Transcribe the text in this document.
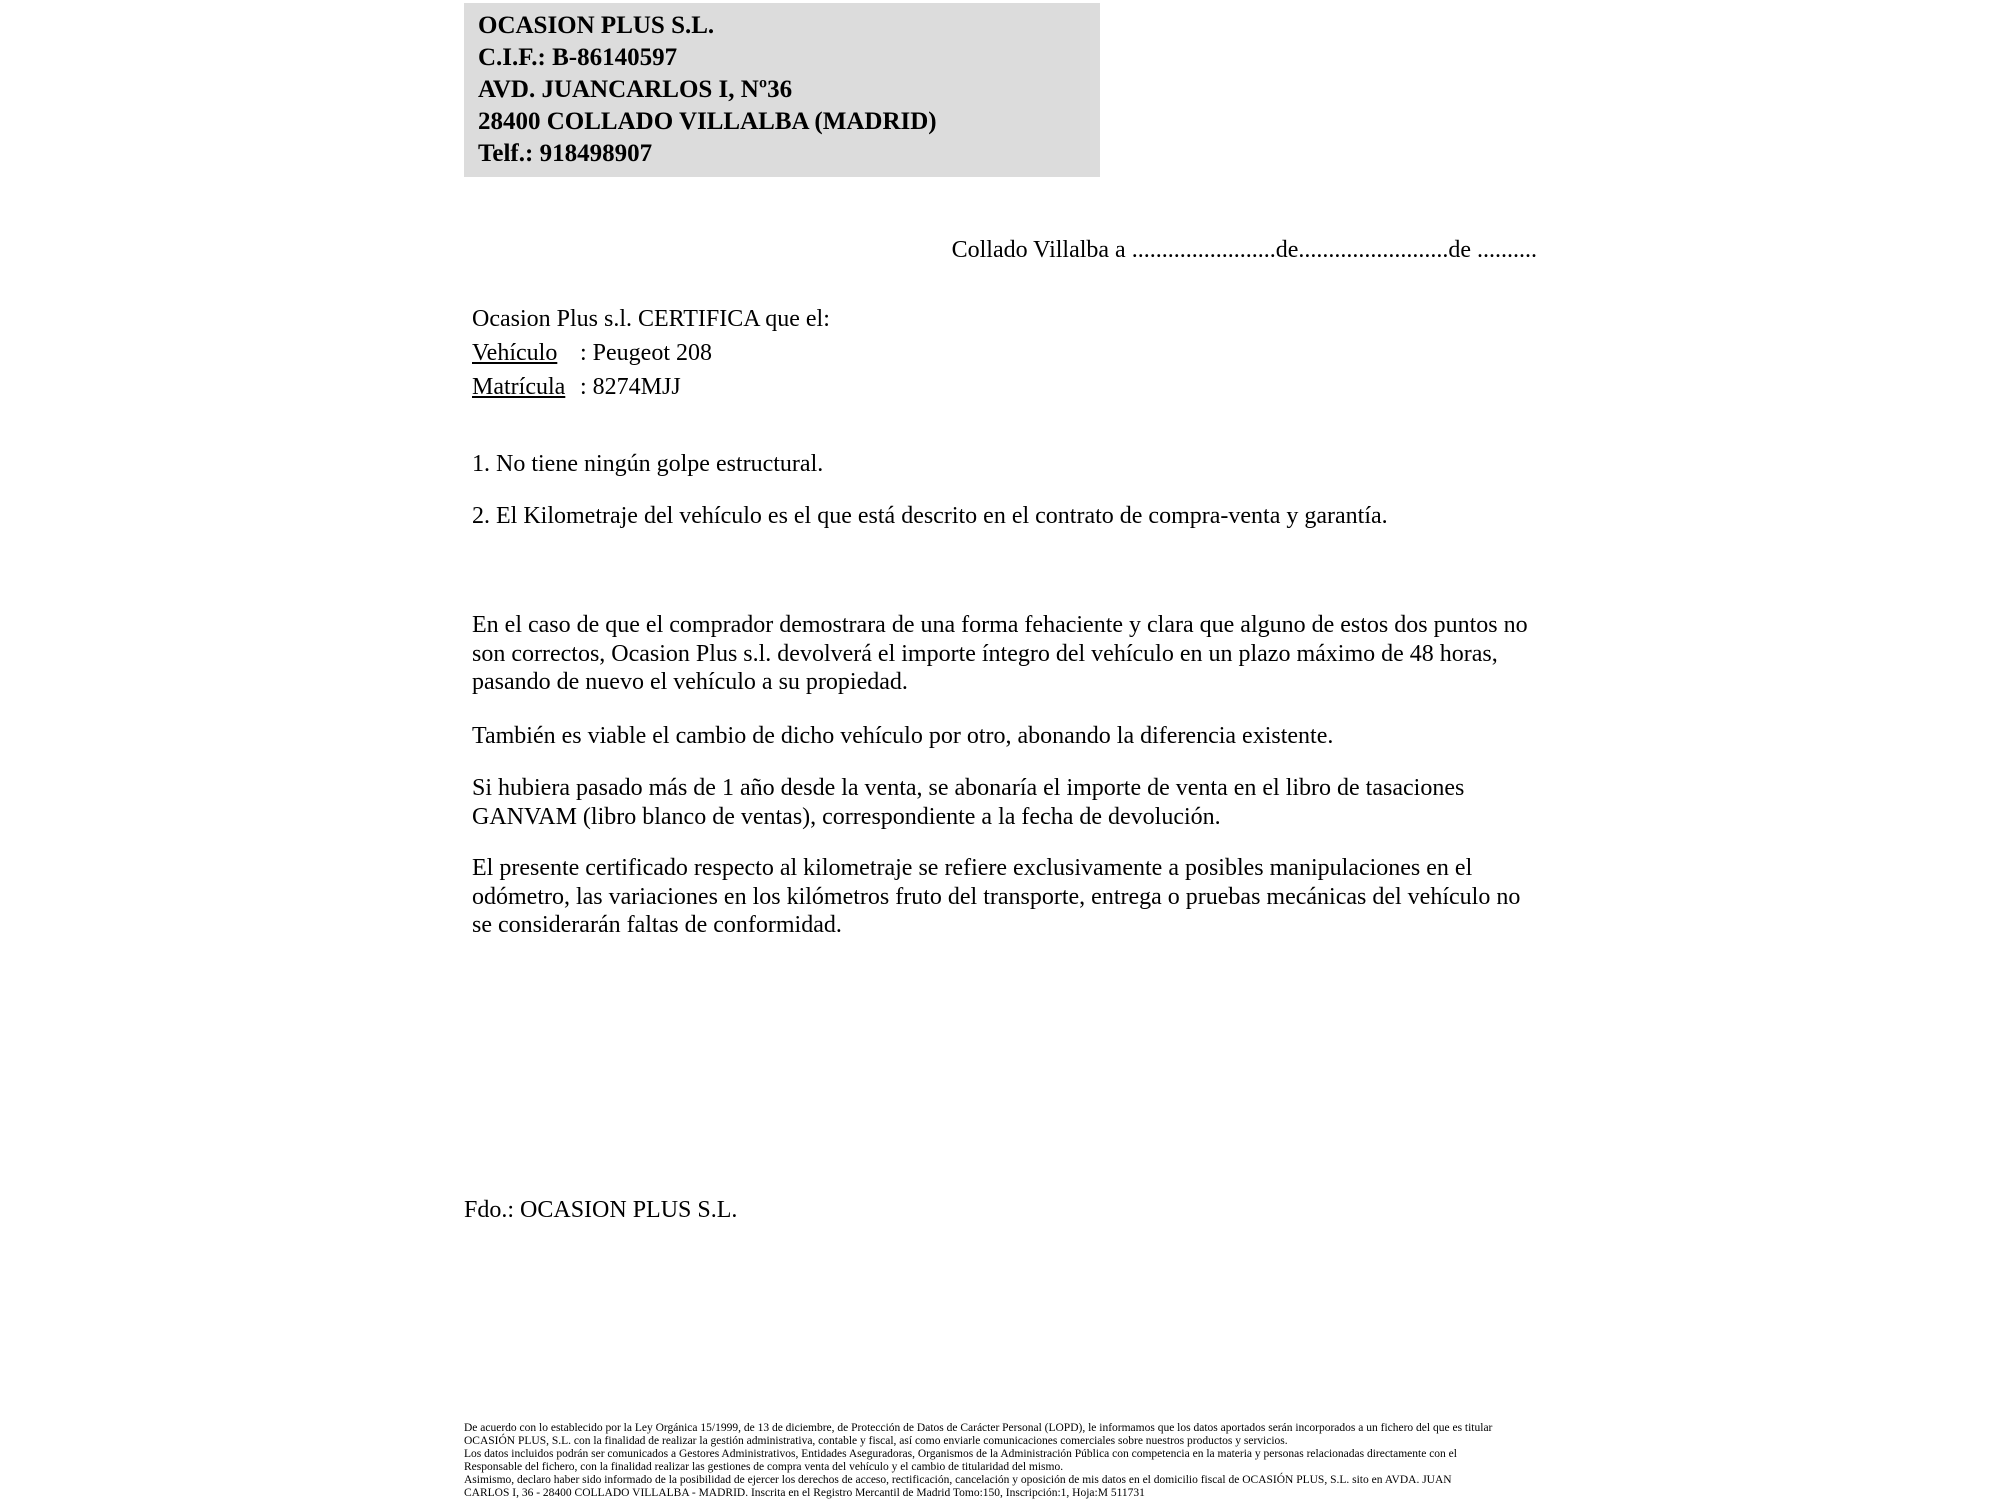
OCASION PLUS S.L.
C.I.F.: B-86140597
AVD. JUANCARLOS I, Nº36
28400 COLLADO VILLALBA (MADRID)
Telf.: 918498907
Collado Villalba a ........................de.........................de ..........
Ocasion Plus s.l. CERTIFICA que el:
Vehículo : Peugeot 208
Matrícula : 8274MJJ
1. No tiene ningún golpe estructural.
2. El Kilometraje del vehículo es el que está descrito en el contrato de compra-venta y garantía.
En el caso de que el comprador demostrara de una forma fehaciente y clara que alguno de estos dos puntos no son correctos, Ocasion Plus s.l. devolverá el importe íntegro del vehículo en un plazo máximo de 48 horas, pasando de nuevo el vehículo a su propiedad.
También es viable el cambio de dicho vehículo por otro, abonando la diferencia existente.
Si hubiera pasado más de 1 año desde la venta, se abonaría el importe de venta en el libro de tasaciones GANVAM (libro blanco de ventas), correspondiente a la fecha de devolución.
El presente certificado respecto al kilometraje se refiere exclusivamente a posibles manipulaciones en el odómetro, las variaciones en los kilómetros fruto del transporte, entrega o pruebas mecánicas del vehículo no se considerarán faltas de conformidad.
Fdo.: OCASION PLUS S.L.
De acuerdo con lo establecido por la Ley Orgánica 15/1999, de 13 de diciembre, de Protección de Datos de Carácter Personal (LOPD), le informamos que los datos aportados serán incorporados a un fichero del que es titular
OCASIÓN PLUS, S.L. con la finalidad de realizar la gestión administrativa, contable y fiscal, así como enviarle comunicaciones comerciales sobre nuestros productos y servicios.
Los datos incluidos podrán ser comunicados a Gestores Administrativos, Entidades Aseguradoras, Organismos de la Administración Pública con competencia en la materia y personas relacionadas directamente con el
Responsable del fichero, con la finalidad realizar las gestiones de compra venta del vehículo y el cambio de titularidad del mismo.
Asimismo, declaro haber sido informado de la posibilidad de ejercer los derechos de acceso, rectificación, cancelación y oposición de mis datos en el domicilio fiscal de OCASIÓN PLUS, S.L. sito en AVDA. JUAN
CARLOS I, 36 - 28400 COLLADO VILLALBA - MADRID. Inscrita en el Registro Mercantil de Madrid Tomo:150, Inscripción:1, Hoja:M 511731
